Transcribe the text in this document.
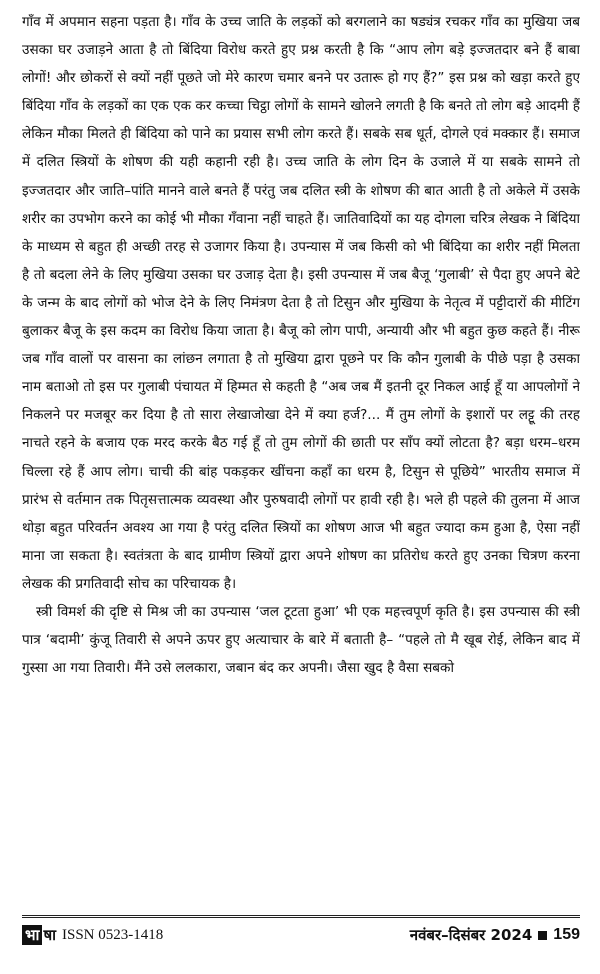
गाँव में अपमान सहना पड़ता है। गाँव के उच्च जाति के लड़कों को बरगलाने का षड्यंत्र रचकर गाँव का मुखिया जब उसका घर उजाड़ने आता है तो बिंदिया विरोध करते हुए प्रश्न करती है कि “आप लोग बड़े इज्जतदार बने हैं बाबा लोगों! और छोकरों से क्यों नहीं पूछते जो मेरे कारण चमार बनने पर उतारू हो गए हैं?” इस प्रश्न को खड़ा करते हुए बिंदिया गाँव के लड़कों का एक एक कर कच्चा चिट्ठा लोगों के सामने खोलने लगती है कि बनते तो लोग बड़े आदमी हैं लेकिन मौका मिलते ही बिंदिया को पाने का प्रयास सभी लोग करते हैं। सबके सब धूर्त, दोगले एवं मक्कार हैं। समाज में दलित स्त्रियों के शोषण की यही कहानी रही है। उच्च जाति के लोग दिन के उजाले में या सबके सामने तो इज्जतदार और जाति–पांति मानने वाले बनते हैं परंतु जब दलित स्त्री के शोषण की बात आती है तो अकेले में उसके शरीर का उपभोग करने का कोई भी मौका गँवाना नहीं चाहते हैं। जातिवादियों का यह दोगला चरित्र लेखक ने बिंदिया के माध्यम से बहुत ही अच्छी तरह से उजागर किया है। उपन्यास में जब किसी को भी बिंदिया का शरीर नहीं मिलता है तो बदला लेने के लिए मुखिया उसका घर उजाड़ देता है। इसी उपन्यास में जब बैजू ‘गुलाबी’ से पैदा हुए अपने बेटे के जन्म के बाद लोगों को भोज देने के लिए निमंत्रण देता है तो टिसुन और मुखिया के नेतृत्व में पट्टीदारों की मीटिंग बुलाकर बैजू के इस कदम का विरोध किया जाता है। बैजू को लोग पापी, अन्यायी और भी बहुत कुछ कहते हैं। नीरू जब गाँव वालों पर वासना का लांछन लगाता है तो मुखिया द्वारा पूछने पर कि कौन गुलाबी के पीछे पड़ा है उसका नाम बताओ तो इस पर गुलाबी पंचायत में हिम्मत से कहती है “अब जब मैं इतनी दूर निकल आई हूँ या आपलोगों ने निकलने पर मजबूर कर दिया है तो सारा लेखाजोखा देने में क्या हर्ज?... मैं तुम लोगों के इशारों पर लट्टू की तरह नाचते रहने के बजाय एक मरद करके बैठ गई हूँ तो तुम लोगों की छाती पर साँप क्यों लोटता है? बड़ा धरम–धरम चिल्ला रहे हैं आप लोग। चाची की बांह पकड़कर खींचना कहाँ का धरम है, टिसुन से पूछिये” भारतीय समाज में प्रारंभ से वर्तमान तक पितृसत्तात्मक व्यवस्था और पुरुषवादी लोगों पर हावी रही है। भले ही पहले की तुलना में आज थोड़ा बहुत परिवर्तन अवश्य आ गया है परंतु दलित स्त्रियों का शोषण आज भी बहुत ज्यादा कम हुआ है, ऐसा नहीं माना जा सकता है। स्वतंत्रता के बाद ग्रामीण स्त्रियों द्वारा अपने शोषण का प्रतिरोध करते हुए उनका चित्रण करना लेखक की प्रगतिवादी सोच का परिचायक है।

स्त्री विमर्श की दृष्टि से मिश्र जी का उपन्यास ‘जल टूटता हुआ’ भी एक महत्त्वपूर्ण कृति है। इस उपन्यास की स्त्री पात्र ‘बदामी’ कुंजू तिवारी से अपने ऊपर हुए अत्याचार के बारे में बताती है– “पहले तो मै खूब रोई, लेकिन बाद में गुस्सा आ गया तिवारी। मैंने उसे ललकारा, जबान बंद कर अपनी। जैसा खुद है वैसा सबको

भा षा ISSN 0523-1418	नवंबर–दिसंबर 2024 159
